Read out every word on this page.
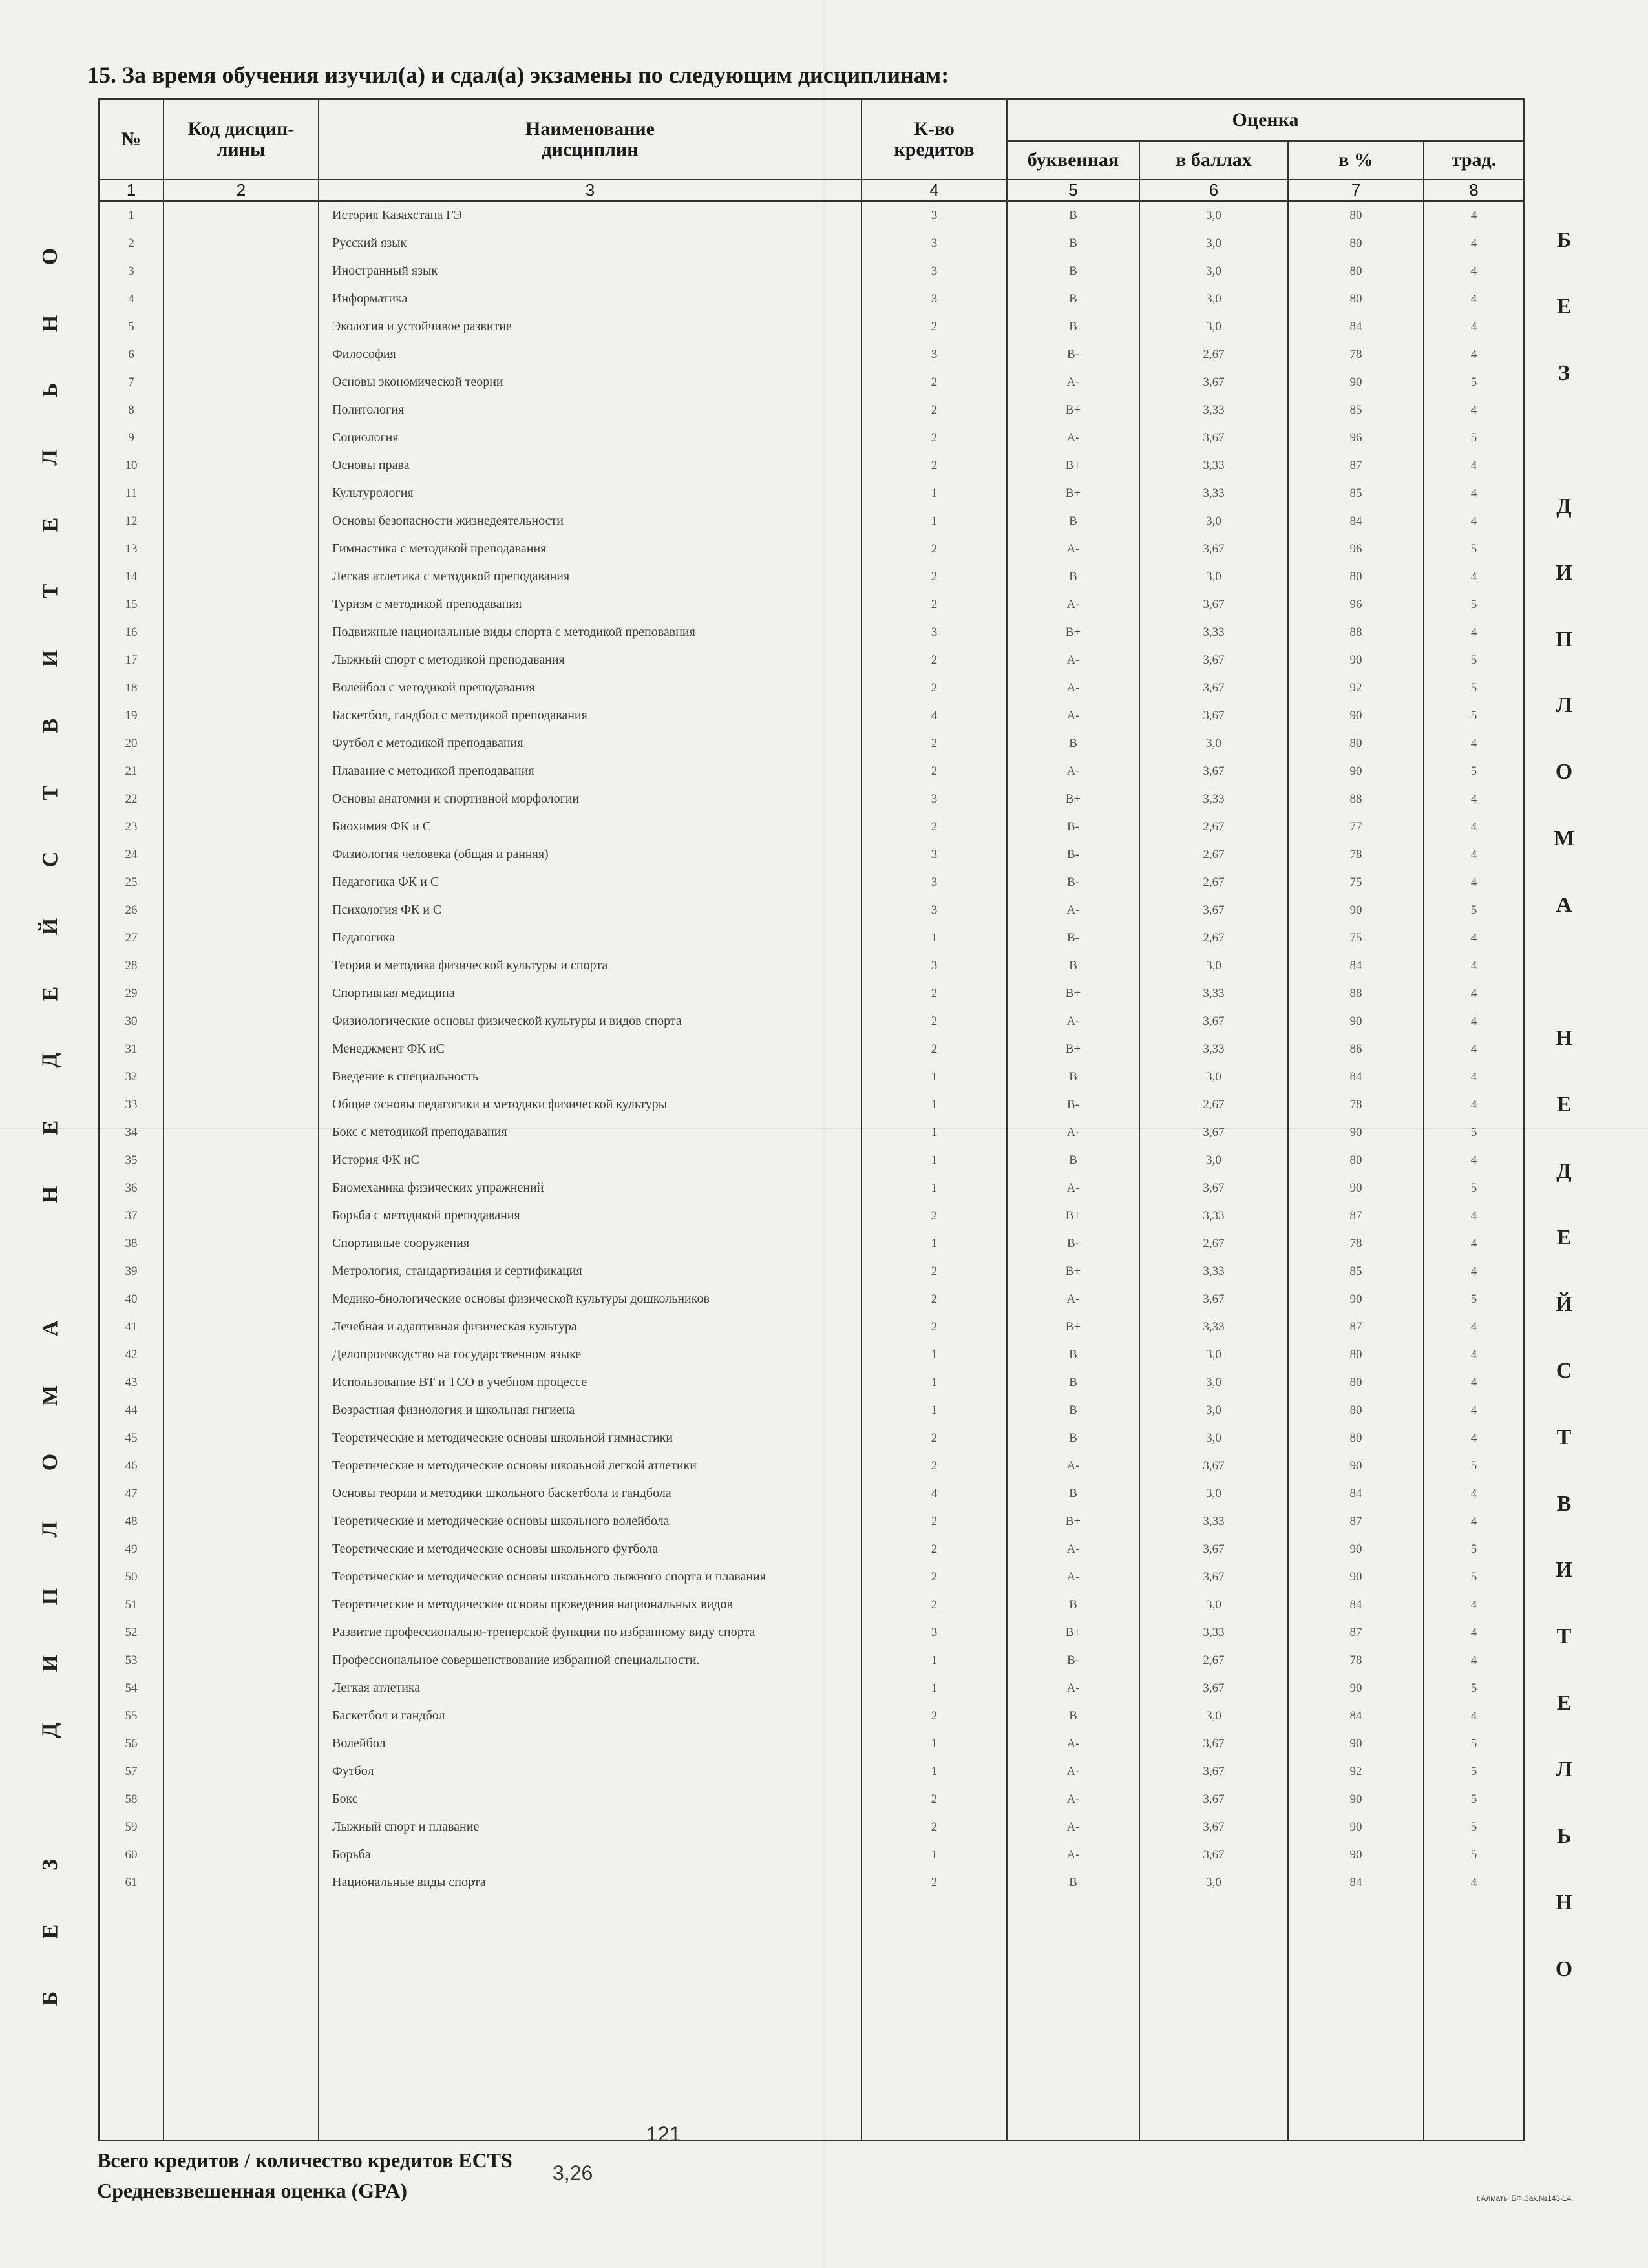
15. За время обучения изучил(а) и сдал(а) экзамены по следующим дисциплинам:
Б
Е
З

Д
И
П
Л
О
М
А

Н
Е
Д
Е
Й
С
Т
В
И
Т
Е
Л
Ь
Н
О
Б
Е
З

Д
И
П
Л
О
М
А

Н
Е
Д
Е
Й
С
Т
В
И
Т
Е
Л
Ь
Н
О
№	Код дисцип- лины	Наименование дисциплин	К-во кредитов	Оценка			
				буквенная	в баллах	в %	трад.
1	2	3	4	5	6	7	8
1		История Казахстана ГЭ	3	B	3,0	80	4
2		Русский язык	3	B	3,0	80	4
3		Иностранный язык	3	B	3,0	80	4
4		Информатика	3	B	3,0	80	4
5		Экология и устойчивое развитие	2	B	3,0	84	4
6		Философия	3	B-	2,67	78	4
7		Основы экономической теории	2	A-	3,67	90	5
8		Политология	2	B+	3,33	85	4
9		Социология	2	A-	3,67	96	5
10		Основы права	2	B+	3,33	87	4
11		Культурология	1	B+	3,33	85	4
12		Основы безопасности жизнедеятельности	1	B	3,0	84	4
13		Гимнастика с методикой преподавания	2	A-	3,67	96	5
14		Легкая атлетика с методикой преподавания	2	B	3,0	80	4
15		Туризм с методикой преподавания	2	A-	3,67	96	5
16		Подвижные национальные виды спорта с методикой преповавния	3	B+	3,33	88	4
17		Лыжный спорт с методикой преподавания	2	A-	3,67	90	5
18		Волейбол с методикой преподавания	2	A-	3,67	92	5
19		Баскетбол, гандбол с методикой преподавания	4	A-	3,67	90	5
20		Футбол с методикой преподавания	2	B	3,0	80	4
21		Плавание с методикой преподавания	2	A-	3,67	90	5
22		Основы анатомии и спортивной морфологии	3	B+	3,33	88	4
23		Биохимия ФК и С	2	B-	2,67	77	4
24		Физиология человека (общая и ранняя)	3	B-	2,67	78	4
25		Педагогика ФК и С	3	B-	2,67	75	4
26		Психология ФК и С	3	A-	3,67	90	5
27		Педагогика	1	B-	2,67	75	4
28		Теория и методика физической культуры и спорта	3	B	3,0	84	4
29		Спортивная медицина	2	B+	3,33	88	4
30		Физиологические основы физической культуры и видов спорта	2	A-	3,67	90	4
31		Менеджмент ФК иС	2	B+	3,33	86	4
32		Введение в специальность	1	B	3,0	84	4
33		Общие основы педагогики и методики физической культуры	1	B-	2,67	78	4
34		Бокс с методикой преподавания	1	A-	3,67	90	5
35		История ФК иС	1	B	3,0	80	4
36		Биомеханика физических упражнений	1	A-	3,67	90	5
37		Борьба с методикой преподавания	2	B+	3,33	87	4
38		Спортивные сооружения	1	B-	2,67	78	4
39		Метрология, стандартизация и сертификация	2	B+	3,33	85	4
40		Медико-биологические основы физической культуры дошкольников	2	A-	3,67	90	5
41		Лечебная и адаптивная физическая культура	2	B+	3,33	87	4
42		Делопроизводство на государственном языке	1	B	3,0	80	4
43		Использование ВТ и ТСО в учебном процессе	1	B	3,0	80	4
44		Возрастная физиология и школьная гигиена	1	B	3,0	80	4
45		Теоретические и методические основы школьной гимнастики	2	B	3,0	80	4
46		Теоретические и методические основы школьной легкой атлетики	2	A-	3,67	90	5
47		Основы теории и методики школьного баскетбола и гандбола	4	B	3,0	84	4
48		Теоретические и методические основы школьного волейбола	2	B+	3,33	87	4
49		Теоретические и методические основы школьного футбола	2	A-	3,67	90	5
50		Теоретические и методические основы школьного лыжного спорта и плавания	2	A-	3,67	90	5
51		Теоретические и методические основы проведения национальных видов	2	B	3,0	84	4
52		Развитие профессионально-тренерской функции по избранному виду спорта	3	B+	3,33	87	4
53		Профессиональное совершенствование избранной специальности.	1	B-	2,67	78	4
54		Легкая атлетика	1	A-	3,67	90	5
55		Баскетбол и гандбол	2	B	3,0	84	4
56		Волейбол	1	A-	3,67	90	5
57		Футбол	1	A-	3,67	92	5
58		Бокс	2	A-	3,67	90	5
59		Лыжный спорт и плавание	2	A-	3,67	90	5
60		Борьба	1	A-	3,67	90	5
61		Национальные виды спорта	2	B	3,0	84	4

Всего кредитов / количество кредитов ECTS
121
Средневзвешенная оценка (GPA)
3,26
г.Алматы.БФ.Зак.№143-14.
